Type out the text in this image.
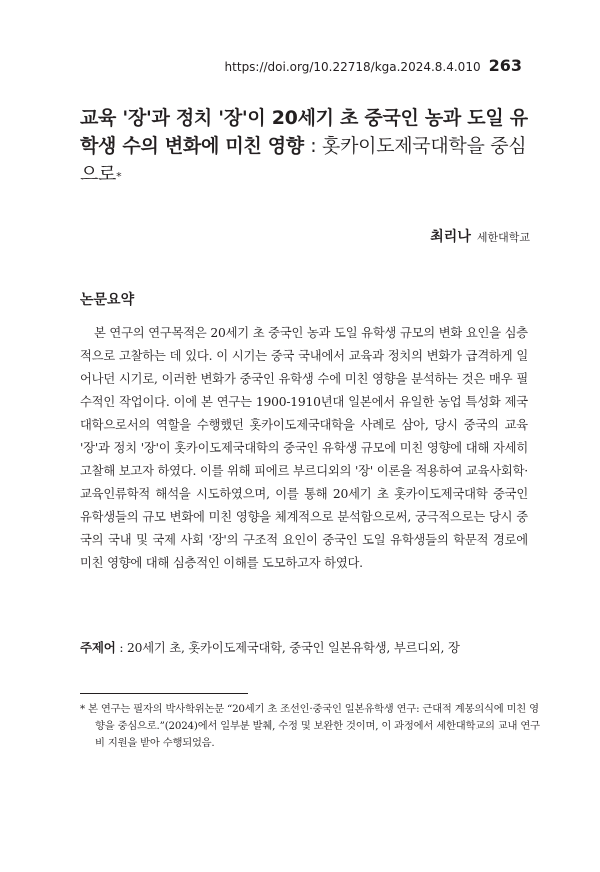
https://doi.org/10.22718/kga.2024.8.4.010 263
교육 '장'과 정치 '장'이 20세기 초 중국인 농과 도일 유학생 수의 변화에 미친 영향 : 홋카이도제국대학을 중심으로*
최리나 세한대학교
논문요약

본 연구의 연구목적은 20세기 초 중국인 농과 도일 유학생 규모의 변화 요인을 심층적으로 고찰하는 데 있다. 이 시기는 중국 국내에서 교육과 정치의 변화가 급격하게 일어나던 시기로, 이러한 변화가 중국인 유학생 수에 미친 영향을 분석하는 것은 매우 필수적인 작업이다. 이에 본 연구는 1900-1910년대 일본에서 유일한 농업 특성화 제국대학으로서의 역할을 수행했던 홋카이도제국대학을 사례로 삼아, 당시 중국의 교육 '장'과 정치 '장'이 홋카이도제국대학의 중국인 유학생 규모에 미친 영향에 대해 자세히 고찰해 보고자 하였다. 이를 위해 피에르 부르디외의 '장' 이론을 적용하여 교육사회학·교육인류학적 해석을 시도하였으며, 이를 통해 20세기 초 홋카이도제국대학 중국인 유학생들의 규모 변화에 미친 영향을 체계적으로 분석함으로써, 궁극적으로는 당시 중국의 국내 및 국제 사회 '장'의 구조적 요인이 중국인 도일 유학생들의 학문적 경로에 미친 영향에 대해 심층적인 이해를 도모하고자 하였다.

주제어 : 20세기 초, 홋카이도제국대학, 중국인 일본유학생, 부르디외, 장

* 본 연구는 필자의 박사학위논문 “20세기 초 조선인·중국인 일본유학생 연구: 근대적 계몽의식에 미친 영향을 중심으로.”(2024)에서 일부분 발췌, 수정 및 보완한 것이며, 이 과정에서 세한대학교의 교내 연구비 지원을 받아 수행되었음.
